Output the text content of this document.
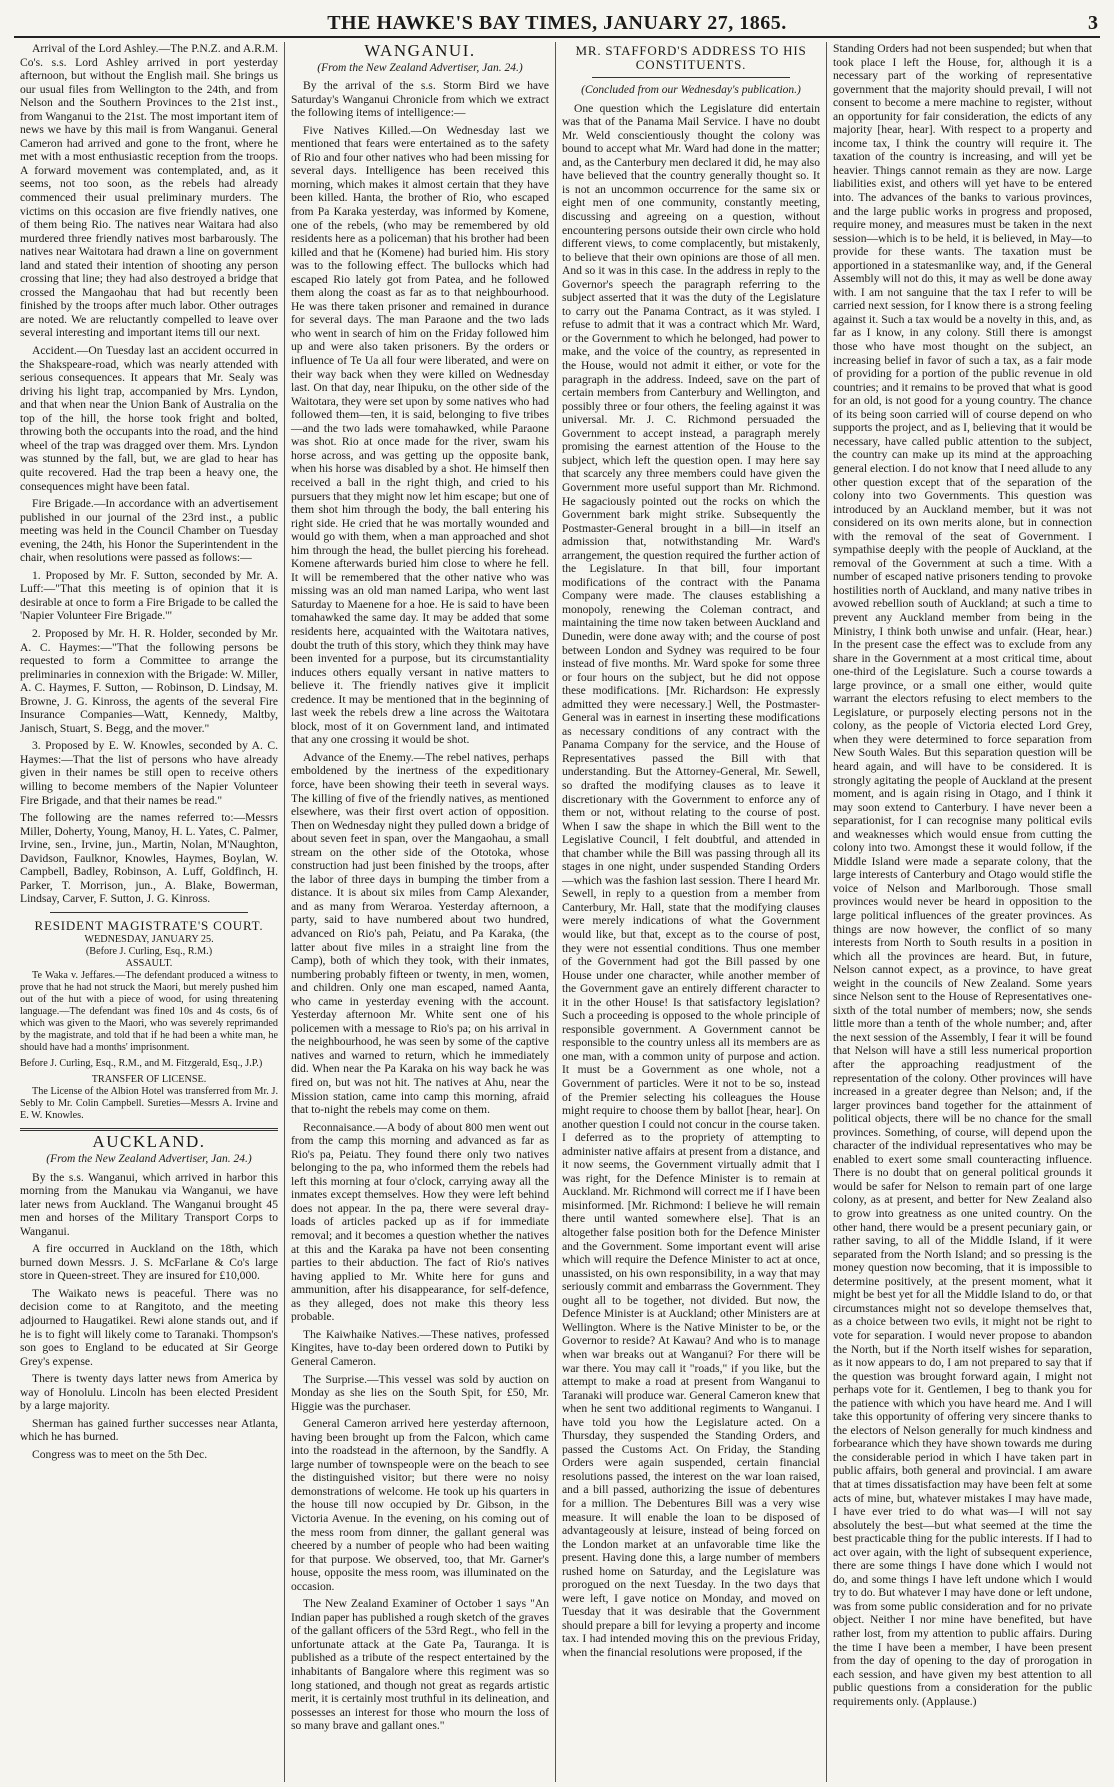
THE HAWKE'S BAY TIMES, JANUARY 27, 1865.	3

Arrival of the Lord Ashley.—The P.N.Z. and A.R.M. Co's. s.s. Lord Ashley arrived in port yesterday afternoon, but without the English mail. She brings us our usual files from Wellington to the 24th, and from Nelson and the Southern Provinces to the 21st inst., from Wanganui to the 21st. The most important item of news we have by this mail is from Wanganui. General Cameron had arrived and gone to the front, where he met with a most enthusiastic reception from the troops. A forward movement was contemplated, and, as it seems, not too soon, as the rebels had already commenced their usual preliminary murders. The victims on this occasion are five friendly natives, one of them being Rio. The natives near Waitara had also murdered three friendly natives most barbarously. The natives near Waitotara had drawn a line on government land and stated their intention of shooting any person crossing that line; they had also destroyed a bridge that crossed the Mangaohau that had but recently been finished by the troops after much labor. Other outrages are noted. We are reluctantly compelled to leave over several interesting and important items till our next.

Accident.—On Tuesday last an accident occurred in the Shakspeare-road, which was nearly attended with serious consequences. It appears that Mr. Sealy was driving his light trap, accompanied by Mrs. Lyndon, and that when near the Union Bank of Australia on the top of the hill, the horse took fright and bolted, throwing both the occupants into the road, and the hind wheel of the trap was dragged over them. Mrs. Lyndon was stunned by the fall, but, we are glad to hear has quite recovered. Had the trap been a heavy one, the consequences might have been fatal.

Fire Brigade.—In accordance with an advertisement published in our journal of the 23rd inst., a public meeting was held in the Council Chamber on Tuesday evening, the 24th, his Honor the Superintendent in the chair, when resolutions were passed as follows:—

1. Proposed by Mr. F. Sutton, seconded by Mr. A. Luff:—"That this meeting is of opinion that it is desirable at once to form a Fire Brigade to be called the 'Napier Volunteer Fire Brigade.'"

2. Proposed by Mr. H. R. Holder, seconded by Mr. A. C. Haymes:—"That the following persons be requested to form a Committee to arrange the preliminaries in connexion with the Brigade: W. Miller, A. C. Haymes, F. Sutton, — Robinson, D. Lindsay, M. Browne, J. G. Kinross, the agents of the several Fire Insurance Companies—Watt, Kennedy, Maltby, Janisch, Stuart, S. Begg, and the mover."

3. Proposed by E. W. Knowles, seconded by A. C. Haymes:—That the list of persons who have already given in their names be still open to receive others willing to become members of the Napier Volunteer Fire Brigade, and that their names be read."

The following are the names referred to:—Messrs Miller, Doherty, Young, Manoy, H. L. Yates, C. Palmer, Irvine, sen., Irvine, jun., Martin, Nolan, M'Naughton, Davidson, Faulknor, Knowles, Haymes, Boylan, W. Campbell, Badley, Robinson, A. Luff, Goldfinch, H. Parker, T. Morrison, jun., A. Blake, Bowerman, Lindsay, Carver, F. Sutton, J. G. Kinross.

RESIDENT MAGISTRATE'S COURT.
WEDNESDAY, JANUARY 25.
(Before J. Curling, Esq., R.M.)
ASSAULT.

Te Waka v. Jeffares.—The defendant produced a witness to prove that he had not struck the Maori, but merely pushed him out of the hut with a piece of wood, for using threatening language.—The defendant was fined 10s and 4s costs, 6s of which was given to the Maori, who was severely reprimanded by the magistrate, and told that if he had been a white man, he should have had a months' imprisonment.

Before J. Curling, Esq., R.M., and M. Fitzgerald, Esq., J.P.)

TRANSFER OF LICENSE.

The License of the Albion Hotel was transferred from Mr. J. Sebly to Mr. Colin Campbell. Sureties—Messrs A. Irvine and E. W. Knowles.

AUCKLAND.

(From the New Zealand Advertiser, Jan. 24.)

By the s.s. Wanganui, which arrived in harbor this morning from the Manukau via Wanganui, we have later news from Auckland. The Wanganui brought 45 men and horses of the Military Transport Corps to Wanganui.

A fire occurred in Auckland on the 18th, which burned down Messrs. J. S. McFarlane & Co's large store in Queen-street. They are insured for £10,000.

The Waikato news is peaceful. There was no decision come to at Rangitoto, and the meeting adjourned to Haugatikei. Rewi alone stands out, and if he is to fight will likely come to Taranaki. Thompson's son goes to England to be educated at Sir George Grey's expense.

There is twenty days latter news from America by way of Honolulu. Lincoln has been elected President by a large majority.

Sherman has gained further successes near Atlanta, which he has burned.

Congress was to meet on the 5th Dec.

WANGANUI.

(From the New Zealand Advertiser, Jan. 24.)

By the arrival of the s.s. Storm Bird we have Saturday's Wanganui Chronicle from which we extract the following items of intelligence:—

Five Natives Killed.—On Wednesday last we mentioned that fears were entertained as to the safety of Rio and four other natives who had been missing for several days. Intelligence has been received this morning, which makes it almost certain that they have been killed. Hanta, the brother of Rio, who escaped from Pa Karaka yesterday, was informed by Komene, one of the rebels, (who may be remembered by old residents here as a policeman) that his brother had been killed and that he (Komene) had buried him. His story was to the following effect. The bullocks which had escaped Rio lately got from Patea, and he followed them along the coast as far as to that neighbourhood. He was there taken prisoner and remained in durance for several days. The man Paraone and the two lads who went in search of him on the Friday followed him up and were also taken prisoners. By the orders or influence of Te Ua all four were liberated, and were on their way back when they were killed on Wednesday last. On that day, near Ihipuku, on the other side of the Waitotara, they were set upon by some natives who had followed them—ten, it is said, belonging to five tribes—and the two lads were tomahawked, while Paraone was shot. Rio at once made for the river, swam his horse across, and was getting up the opposite bank, when his horse was disabled by a shot. He himself then received a ball in the right thigh, and cried to his pursuers that they might now let him escape; but one of them shot him through the body, the ball entering his right side. He cried that he was mortally wounded and would go with them, when a man approached and shot him through the head, the bullet piercing his forehead. Komene afterwards buried him close to where he fell. It will be remembered that the other native who was missing was an old man named Laripa, who went last Saturday to Maenene for a hoe. He is said to have been tomahawked the same day. It may be added that some residents here, acquainted with the Waitotara natives, doubt the truth of this story, which they think may have been invented for a purpose, but its circumstantiality induces others equally versant in native matters to believe it. The friendly natives give it implicit credence. It may be mentioned that in the beginning of last week the rebels drew a line across the Waitotara block, most of it on Government land, and intimated that any one crossing it would be shot.

Advance of the Enemy.—The rebel natives, perhaps emboldened by the inertness of the expeditionary force, have been showing their teeth in several ways. The killing of five of the friendly natives, as mentioned elsewhere, was their first overt action of opposition. Then on Wednesday night they pulled down a bridge of about seven feet in span, over the Mangaohau, a small stream on the other side of the Ototoka, whose construction had just been finished by the troops, after the labor of three days in bumping the timber from a distance. It is about six miles from Camp Alexander, and as many from Weraroa. Yesterday afternoon, a party, said to have numbered about two hundred, advanced on Rio's pah, Peiatu, and Pa Karaka, (the latter about five miles in a straight line from the Camp), both of which they took, with their inmates, numbering probably fifteen or twenty, in men, women, and children. Only one man escaped, named Aanta, who came in yesterday evening with the account. Yesterday afternoon Mr. White sent one of his policemen with a message to Rio's pa; on his arrival in the neighbourhood, he was seen by some of the captive natives and warned to return, which he immediately did. When near the Pa Karaka on his way back he was fired on, but was not hit. The natives at Ahu, near the Mission station, came into camp this morning, afraid that to-night the rebels may come on them.

Reconnaisance.—A body of about 800 men went out from the camp this morning and advanced as far as Rio's pa, Peiatu. They found there only two natives belonging to the pa, who informed them the rebels had left this morning at four o'clock, carrying away all the inmates except themselves. How they were left behind does not appear. In the pa, there were several dray-loads of articles packed up as if for immediate removal; and it becomes a question whether the natives at this and the Karaka pa have not been consenting parties to their abduction. The fact of Rio's natives having applied to Mr. White here for guns and ammunition, after his disappearance, for self-defence, as they alleged, does not make this theory less probable.

The Kaiwhaike Natives.—These natives, professed Kingites, have to-day been ordered down to Putiki by General Cameron.

The Surprise.—This vessel was sold by auction on Monday as she lies on the South Spit, for £50, Mr. Higgie was the purchaser.

General Cameron arrived here yesterday afternoon, having been brought up from the Falcon, which came into the roadstead in the afternoon, by the Sandfly. A large number of townspeople were on the beach to see the distinguished visitor; but there were no noisy demonstrations of welcome. He took up his quarters in the house till now occupied by Dr. Gibson, in the Victoria Avenue. In the evening, on his coming out of the mess room from dinner, the gallant general was cheered by a number of people who had been waiting for that purpose. We observed, too, that Mr. Garner's house, opposite the mess room, was illuminated on the occasion.

The New Zealand Examiner of October 1 says "An Indian paper has published a rough sketch of the graves of the gallant officers of the 53rd Regt., who fell in the unfortunate attack at the Gate Pa, Tauranga. It is published as a tribute of the respect entertained by the inhabitants of Bangalore where this regiment was so long stationed, and though not great as regards artistic merit, it is certainly most truthful in its delineation, and possesses an interest for those who mourn the loss of so many brave and gallant ones."

MR. STAFFORD'S ADDRESS TO HIS CONSTITUENTS.

(Concluded from our Wednesday's publication.)

One question which the Legislature did entertain was that of the Panama Mail Service. I have no doubt Mr. Weld conscientiously thought the colony was bound to accept what Mr. Ward had done in the matter; and, as the Canterbury men declared it did, he may also have believed that the country generally thought so. It is not an uncommon occurrence for the same six or eight men of one community, constantly meeting, discussing and agreeing on a question, without encountering persons outside their own circle who hold different views, to come complacently, but mistakenly, to believe that their own opinions are those of all men. And so it was in this case. In the address in reply to the Governor's speech the paragraph referring to the subject asserted that it was the duty of the Legislature to carry out the Panama Contract, as it was styled. I refuse to admit that it was a contract which Mr. Ward, or the Government to which he belonged, had power to make, and the voice of the country, as represented in the House, would not admit it either, or vote for the paragraph in the address. Indeed, save on the part of certain members from Canterbury and Wellington, and possibly three or four others, the feeling against it was universal. Mr. J. C. Richmond persuaded the Government to accept instead, a paragraph merely promising the earnest attention of the House to the subject, which left the question open. I may here say that scarcely any three members could have given the Government more useful support than Mr. Richmond. He sagaciously pointed out the rocks on which the Government bark might strike. Subsequently the Postmaster-General brought in a bill—in itself an admission that, notwithstanding Mr. Ward's arrangement, the question required the further action of the Legislature. In that bill, four important modifications of the contract with the Panama Company were made. The clauses establishing a monopoly, renewing the Coleman contract, and maintaining the time now taken between Auckland and Dunedin, were done away with; and the course of post between London and Sydney was required to be four instead of five months. Mr. Ward spoke for some three or four hours on the subject, but he did not oppose these modifications. [Mr. Richardson: He expressly admitted they were necessary.] Well, the Postmaster-General was in earnest in inserting these modifications as necessary conditions of any contract with the Panama Company for the service, and the House of Representatives passed the Bill with that understanding. But the Attorney-General, Mr. Sewell, so drafted the modifying clauses as to leave it discretionary with the Government to enforce any of them or not, without relating to the course of post. When I saw the shape in which the Bill went to the Legislative Council, I felt doubtful, and attended in that chamber while the Bill was passing through all its stages in one night, under suspended Standing Orders—which was the fashion last session. There I heard Mr. Sewell, in reply to a question from a member from Canterbury, Mr. Hall, state that the modifying clauses were merely indications of what the Government would like, but that, except as to the course of post, they were not essential conditions. Thus one member of the Government had got the Bill passed by one House under one character, while another member of the Government gave an entirely different character to it in the other House! Is that satisfactory legislation? Such a proceeding is opposed to the whole principle of responsible government. A Government cannot be responsible to the country unless all its members are as one man, with a common unity of purpose and action. It must be a Government as one whole, not a Government of particles. Were it not to be so, instead of the Premier selecting his colleagues the House might require to choose them by ballot [hear, hear]. On another question I could not concur in the course taken. I deferred as to the propriety of attempting to administer native affairs at present from a distance, and it now seems, the Government virtually admit that I was right, for the Defence Minister is to remain at Auckland. Mr. Richmond will correct me if I have been misinformed. [Mr. Richmond: I believe he will remain there until wanted somewhere else]. That is an altogether false position both for the Defence Minister and the Government. Some important event will arise which will require the Defence Minister to act at once, unassisted, on his own responsibility, in a way that may seriously commit and embarrass the Government. They ought all to be together, not divided. But now, the Defence Minister is at Auckland; other Ministers are at Wellington. Where is the Native Minister to be, or the Governor to reside? At Kawau? And who is to manage when war breaks out at Wanganui? For there will be war there. You may call it "roads," if you like, but the attempt to make a road at present from Wanganui to Taranaki will produce war. General Cameron knew that when he sent two additional regiments to Wanganui. I have told you how the Legislature acted. On a Thursday, they suspended the Standing Orders, and passed the Customs Act. On Friday, the Standing Orders were again suspended, certain financial resolutions passed, the interest on the war loan raised, and a bill passed, authorizing the issue of debentures for a million. The Debentures Bill was a very wise measure. It will enable the loan to be disposed of advantageously at leisure, instead of being forced on the London market at an unfavorable time like the present. Having done this, a large number of members rushed home on Saturday, and the Legislature was prorogued on the next Tuesday. In the two days that were left, I gave notice on Monday, and moved on Tuesday that it was desirable that the Government should prepare a bill for levying a property and income tax. I had intended moving this on the previous Friday, when the financial resolutions were proposed, if the

Standing Orders had not been suspended; but when that took place I left the House, for, although it is a necessary part of the working of representative government that the majority should prevail, I will not consent to become a mere machine to register, without an opportunity for fair consideration, the edicts of any majority [hear, hear]. With respect to a property and income tax, I think the country will require it. The taxation of the country is increasing, and will yet be heavier. Things cannot remain as they are now. Large liabilities exist, and others will yet have to be entered into. The advances of the banks to various provinces, and the large public works in progress and proposed, require money, and measures must be taken in the next session—which is to be held, it is believed, in May—to provide for these wants. The taxation must be apportioned in a statesmanlike way, and, if the General Assembly will not do this, it may as well be done away with. I am not sanguine that the tax I refer to will be carried next session, for I know there is a strong feeling against it. Such a tax would be a novelty in this, and, as far as I know, in any colony. Still there is amongst those who have most thought on the subject, an increasing belief in favor of such a tax, as a fair mode of providing for a portion of the public revenue in old countries; and it remains to be proved that what is good for an old, is not good for a young country. The chance of its being soon carried will of course depend on who supports the project, and as I, believing that it would be necessary, have called public attention to the subject, the country can make up its mind at the approaching general election. I do not know that I need allude to any other question except that of the separation of the colony into two Governments. This question was introduced by an Auckland member, but it was not considered on its own merits alone, but in connection with the removal of the seat of Government. I sympathise deeply with the people of Auckland, at the removal of the Government at such a time. With a number of escaped native prisoners tending to provoke hostilities north of Auckland, and many native tribes in avowed rebellion south of Auckland; at such a time to prevent any Auckland member from being in the Ministry, I think both unwise and unfair. (Hear, hear.) In the present case the effect was to exclude from any share in the Government at a most critical time, about one-third of the Legislature. Such a course towards a large province, or a small one either, would quite warrant the electors refusing to elect members to the Legislature, or purposely electing persons not in the colony, as the people of Victoria elected Lord Grey, when they were determined to force separation from New South Wales. But this separation question will be heard again, and will have to be considered. It is strongly agitating the people of Auckland at the present moment, and is again rising in Otago, and I think it may soon extend to Canterbury. I have never been a separationist, for I can recognise many political evils and weaknesses which would ensue from cutting the colony into two. Amongst these it would follow, if the Middle Island were made a separate colony, that the large interests of Canterbury and Otago would stifle the voice of Nelson and Marlborough. Those small provinces would never be heard in opposition to the large political influences of the greater provinces. As things are now however, the conflict of so many interests from North to South results in a position in which all the provinces are heard. But, in future, Nelson cannot expect, as a province, to have great weight in the councils of New Zealand. Some years since Nelson sent to the House of Representatives one-sixth of the total number of members; now, she sends little more than a tenth of the whole number; and, after the next session of the Assembly, I fear it will be found that Nelson will have a still less numerical proportion after the approaching readjustment of the representation of the colony. Other provinces will have increased in a greater degree than Nelson; and, if the larger provinces band together for the attainment of political objects, there will be no chance for the small provinces. Something, of course, will depend upon the character of the individual representatives who may be enabled to exert some small counteracting influence. There is no doubt that on general political grounds it would be safer for Nelson to remain part of one large colony, as at present, and better for New Zealand also to grow into greatness as one united country. On the other hand, there would be a present pecuniary gain, or rather saving, to all of the Middle Island, if it were separated from the North Island; and so pressing is the money question now becoming, that it is impossible to determine positively, at the present moment, what it might be best yet for all the Middle Island to do, or that circumstances might not so develope themselves that, as a choice between two evils, it might not be right to vote for separation. I would never propose to abandon the North, but if the North itself wishes for separation, as it now appears to do, I am not prepared to say that if the question was brought forward again, I might not perhaps vote for it. Gentlemen, I beg to thank you for the patience with which you have heard me. And I will take this opportunity of offering very sincere thanks to the electors of Nelson generally for much kindness and forbearance which they have shown towards me during the considerable period in which I have taken part in public affairs, both general and provincial. I am aware that at times dissatisfaction may have been felt at some acts of mine, but, whatever mistakes I may have made, I have ever tried to do what was—I will not say absolutely the best—but what seemed at the time the best practicable thing for the public interests. If I had to act over again, with the light of subsequent experience, there are some things I have done which I would not do, and some things I have left undone which I would try to do. But whatever I may have done or left undone, was from some public consideration and for no private object. Neither I nor mine have benefited, but have rather lost, from my attention to public affairs. During the time I have been a member, I have been present from the day of opening to the day of prorogation in each session, and have given my best attention to all public questions from a consideration for the public requirements only. (Applause.)
